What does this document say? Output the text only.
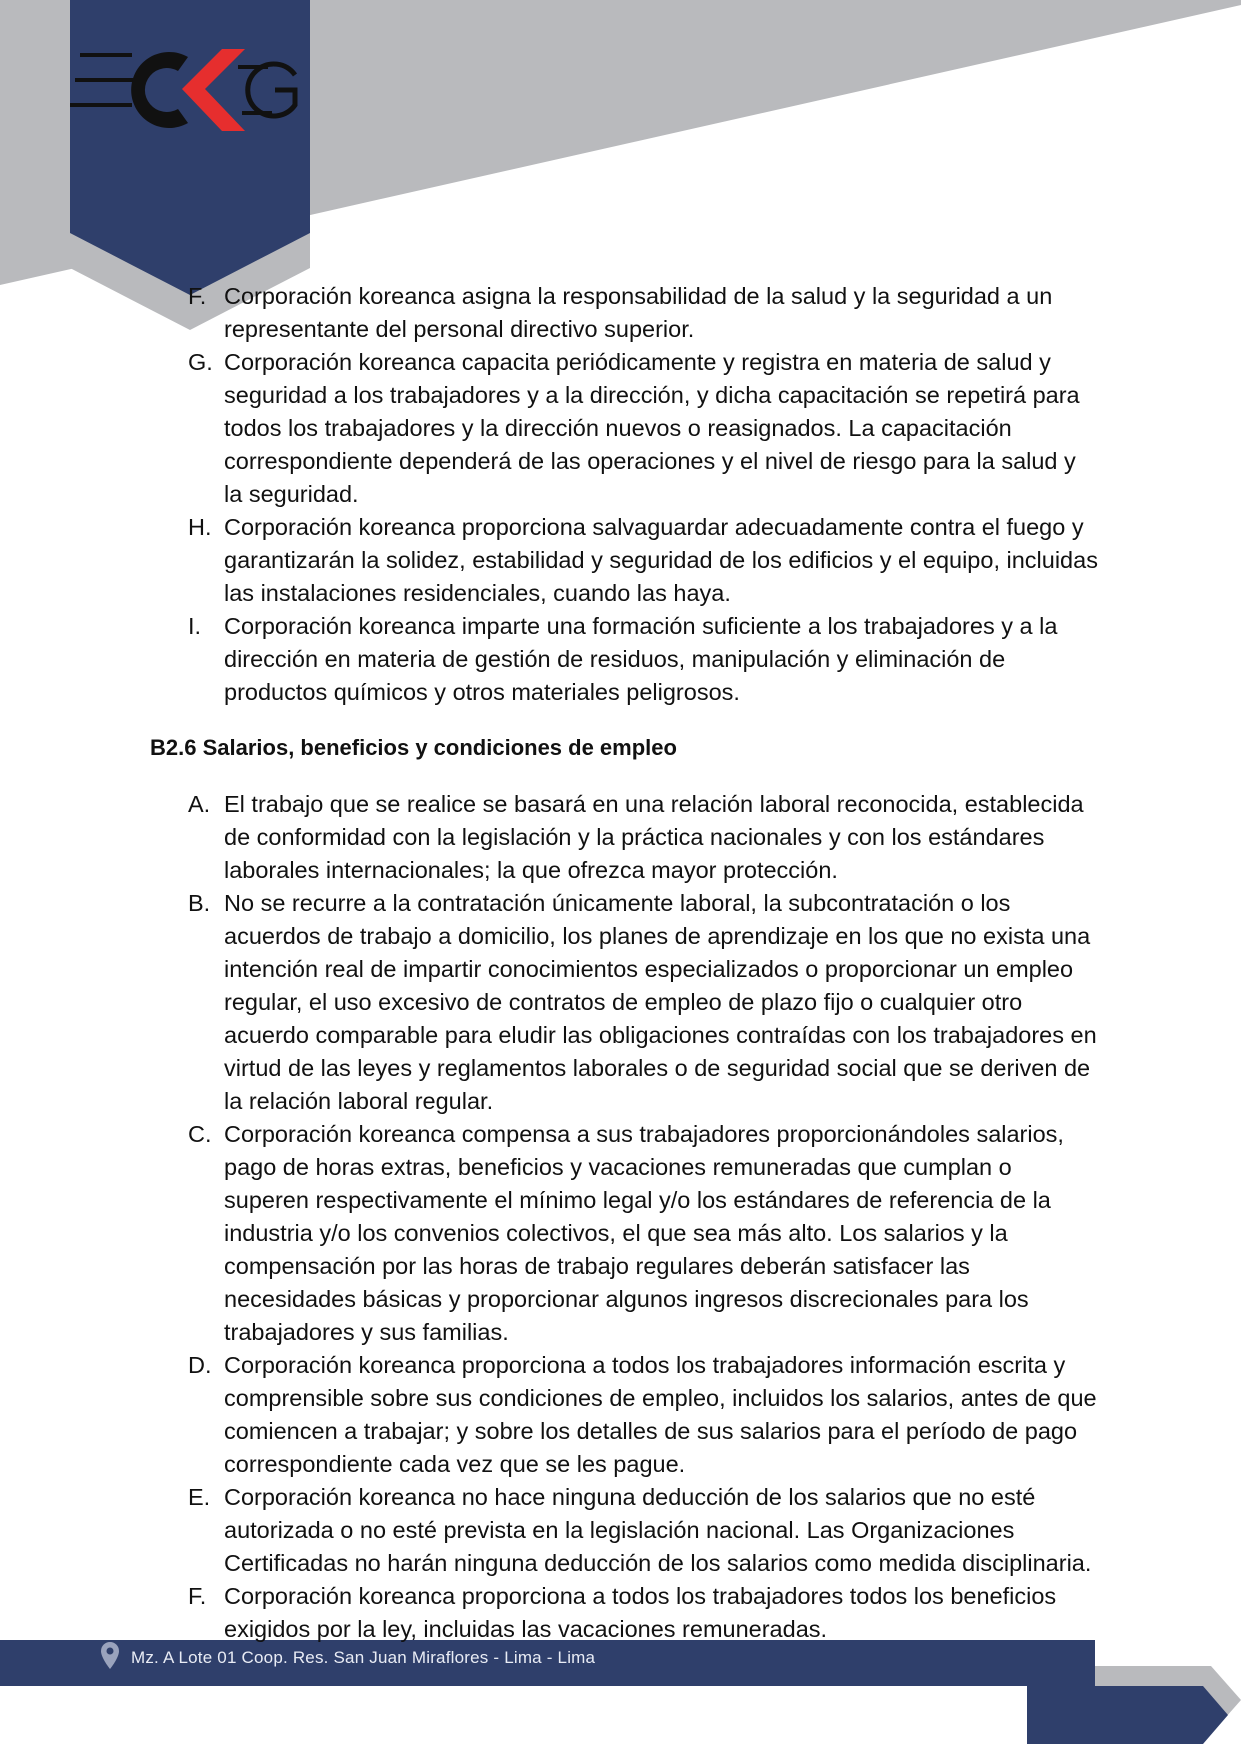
F. Corporación koreanca asigna la responsabilidad de la salud y la seguridad a un representante del personal directivo superior.
G. Corporación koreanca capacita periódicamente y registra en materia de salud y seguridad a los trabajadores y a la dirección, y dicha capacitación se repetirá para todos los trabajadores y la dirección nuevos o reasignados. La capacitación correspondiente dependerá de las operaciones y el nivel de riesgo para la salud y la seguridad.
H. Corporación koreanca proporciona salvaguardar adecuadamente contra el fuego y garantizarán la solidez, estabilidad y seguridad de los edificios y el equipo, incluidas las instalaciones residenciales, cuando las haya.
I. Corporación koreanca imparte una formación suficiente a los trabajadores y a la dirección en materia de gestión de residuos, manipulación y eliminación de productos químicos y otros materiales peligrosos.
B2.6 Salarios, beneficios y condiciones de empleo
A. El trabajo que se realice se basará en una relación laboral reconocida, establecida de conformidad con la legislación y la práctica nacionales y con los estándares laborales internacionales; la que ofrezca mayor protección.
B. No se recurre a la contratación únicamente laboral, la subcontratación o los acuerdos de trabajo a domicilio, los planes de aprendizaje en los que no exista una intención real de impartir conocimientos especializados o proporcionar un empleo regular, el uso excesivo de contratos de empleo de plazo fijo o cualquier otro acuerdo comparable para eludir las obligaciones contraídas con los trabajadores en virtud de las leyes y reglamentos laborales o de seguridad social que se deriven de la relación laboral regular.
C. Corporación koreanca compensa a sus trabajadores proporcionándoles salarios, pago de horas extras, beneficios y vacaciones remuneradas que cumplan o superen respectivamente el mínimo legal y/o los estándares de referencia de la industria y/o los convenios colectivos, el que sea más alto. Los salarios y la compensación por las horas de trabajo regulares deberán satisfacer las necesidades básicas y proporcionar algunos ingresos discrecionales para los trabajadores y sus familias.
D. Corporación koreanca proporciona a todos los trabajadores información escrita y comprensible sobre sus condiciones de empleo, incluidos los salarios, antes de que comiencen a trabajar; y sobre los detalles de sus salarios para el período de pago correspondiente cada vez que se les pague.
E. Corporación koreanca no hace ninguna deducción de los salarios que no esté autorizada o no esté prevista en la legislación nacional. Las Organizaciones Certificadas no harán ninguna deducción de los salarios como medida disciplinaria.
F. Corporación koreanca proporciona a todos los trabajadores todos los beneficios exigidos por la ley, incluidas las vacaciones remuneradas.
Mz. A Lote 01 Coop. Res. San Juan Miraflores - Lima - Lima
